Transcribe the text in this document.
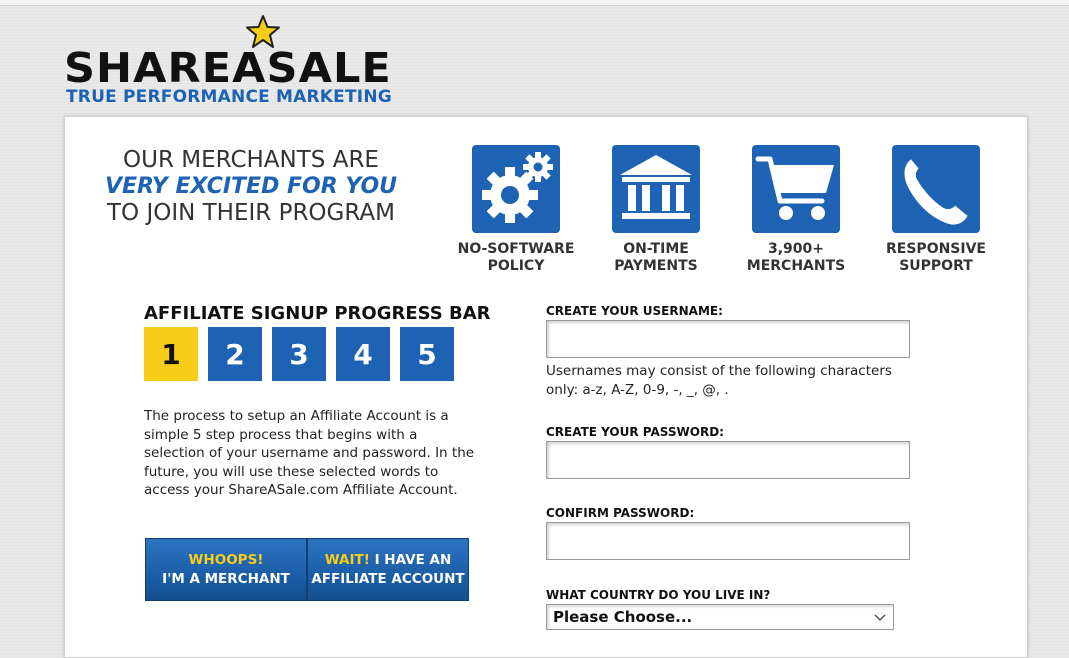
SHAREASALE
TRUE PERFORMANCE MARKETING
OUR MERCHANTS ARE
VERY EXCITED FOR YOU
TO JOIN THEIR PROGRAM
NO-SOFTWARE
POLICY
ON-TIME
PAYMENTS
3,900+
MERCHANTS
RESPONSIVE
SUPPORT
AFFILIATE SIGNUP PROGRESS BAR
1	2	3	4	5
The process to setup an Affiliate Account is a simple 5 step process that begins with a selection of your username and password. In the future, you will use these selected words to access your ShareASale.com Affiliate Account.
WHOOPS!
I'M A MERCHANT
WAIT! I HAVE AN
AFFILIATE ACCOUNT
CREATE YOUR USERNAME:
Usernames may consist of the following characters only: a-z, A-Z, 0-9, -, _, @, .
CREATE YOUR PASSWORD:
CONFIRM PASSWORD:
WHAT COUNTRY DO YOU LIVE IN?
Please Choose...
